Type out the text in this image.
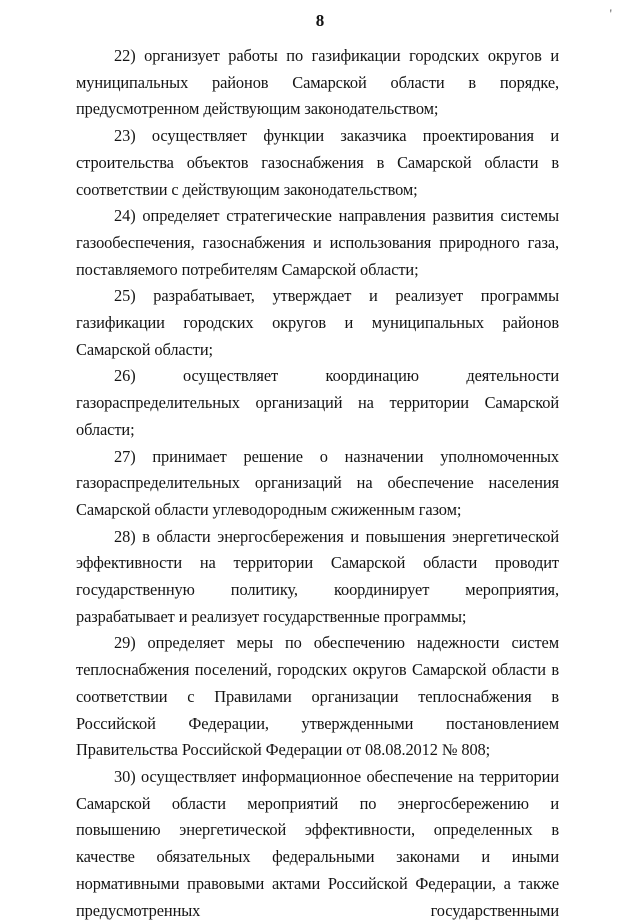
8	'

22) организует работы по газификации городских округов и муниципальных районов Самарской области в порядке, предусмотренном действующим законодательством;

23) осуществляет функции заказчика проектирования и строительства объектов газоснабжения в Самарской области в соответствии с действующим законодательством;

24) определяет стратегические направления развития системы газообеспечения, газоснабжения и использования природного газа, поставляемого потребителям Самарской области;

25) разрабатывает, утверждает и реализует программы газификации городских округов и муниципальных районов Самарской области;

26) осуществляет координацию деятельности газораспределительных организаций на территории Самарской области;

27) принимает решение о назначении уполномоченных газораспределительных организаций на обеспечение населения Самарской области углеводородным сжиженным газом;

28) в области энергосбережения и повышения энергетической эффективности на территории Самарской области проводит государственную политику, координирует мероприятия, разрабатывает и реализует государственные программы;

29) определяет меры по обеспечению надежности систем теплоснабжения поселений, городских округов Самарской области в соответствии с Правилами организации теплоснабжения в Российской Федерации, утвержденными постановлением Правительства Российской Федерации от 08.08.2012 № 808;

30) осуществляет информационное обеспечение на территории Самарской области мероприятий по энергосбережению и повышению энергетической эффективности, определенных в качестве обязательных федеральными законами и иными нормативными правовыми актами Российской Федерации, а также предусмотренных государственными
